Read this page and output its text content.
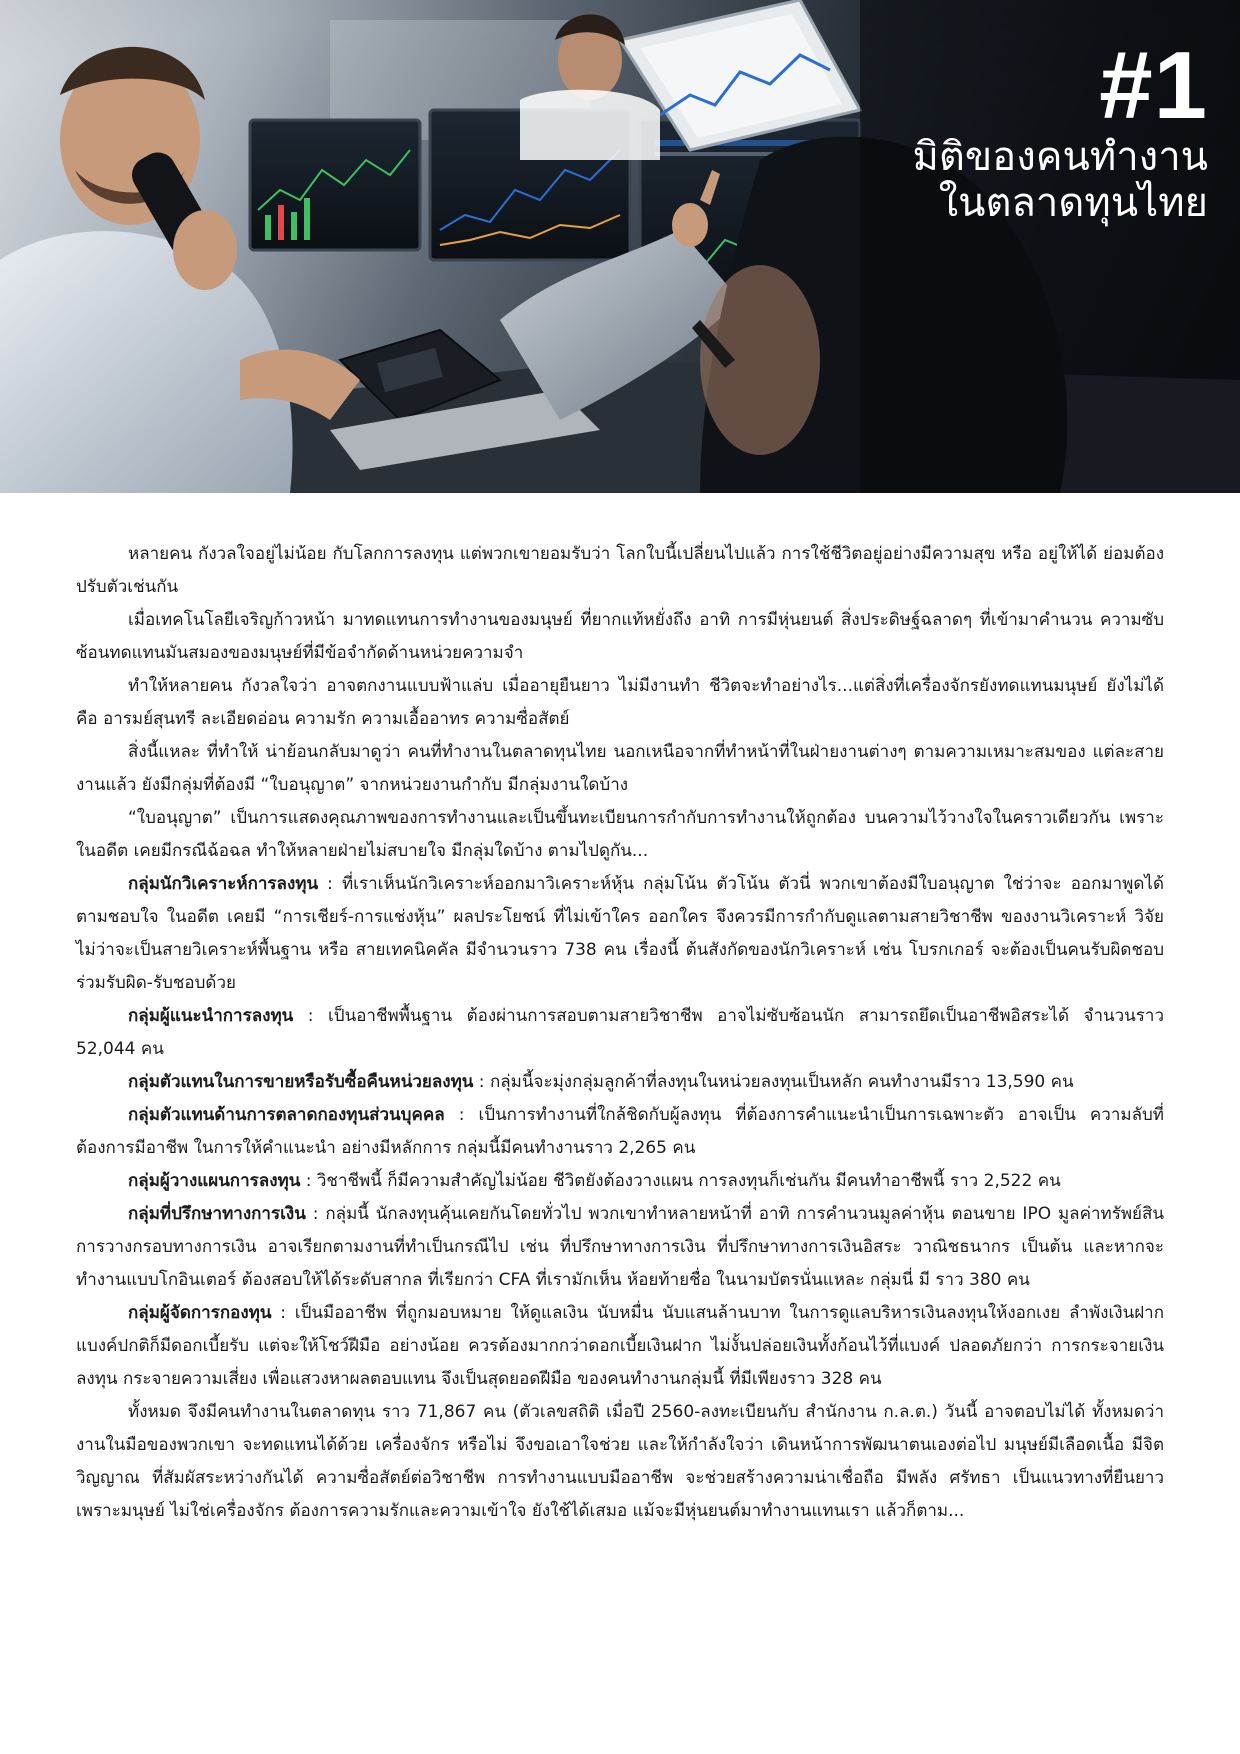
#1
มิติของคนทำงาน
ในตลาดทุนไทย

หลายคน กังวลใจอยู่ไม่น้อย กับโลกการลงทุน แต่พวกเขายอมรับว่า โลกใบนี้เปลี่ยนไปแล้ว การใช้ชีวิตอยู่อย่างมีความสุข หรือ อยู่ให้ได้ ย่อมต้องปรับตัวเช่นกัน

เมื่อเทคโนโลยีเจริญก้าวหน้า มาทดแทนการทำงานของมนุษย์ ที่ยากแท้หยั่งถึง อาทิ การมีหุ่นยนต์ สิ่งประดิษฐ์ฉลาดๆ ที่เข้ามาคำนวน ความซับซ้อนทดแทนมันสมองของมนุษย์ที่มีข้อจำกัดด้านหน่วยความจำ

ทำให้หลายคน กังวลใจว่า อาจตกงานแบบฟ้าแล่บ เมื่ออายุยืนยาว ไม่มีงานทำ ชีวิตจะทำอย่างไร...แต่สิ่งที่เครื่องจักรยังทดแทนมนุษย์ ยังไม่ได้ คือ อารมย์สุนทรี ละเอียดอ่อน ความรัก ความเอื้ออาทร ความซื่อสัตย์

สิ่งนี้แหละ ที่ทำให้ น่าย้อนกลับมาดูว่า คนที่ทำงานในตลาดทุนไทย นอกเหนือจากที่ทำหน้าที่ในฝ่ายงานต่างๆ ตามความเหมาะสมของ แต่ละสายงานแล้ว ยังมีกลุ่มที่ต้องมี “ใบอนุญาต” จากหน่วยงานกำกับ มีกลุ่มงานใดบ้าง

“ใบอนุญาต” เป็นการแสดงคุณภาพของการทำงานและเป็นขึ้นทะเบียนการกำกับการทำงานให้ถูกต้อง บนความไว้วางใจในคราวเดียวกัน เพราะในอดีต เคยมีกรณีฉ้อฉล ทำให้หลายฝ่ายไม่สบายใจ มีกลุ่มใดบ้าง ตามไปดูกัน...

กลุ่มนักวิเคราะห์การลงทุน : ที่เราเห็นนักวิเคราะห์ออกมาวิเคราะห์หุ้น กลุ่มโน้น ตัวโน้น ตัวนี่ พวกเขาต้องมีใบอนุญาต ใช่ว่าจะ ออกมาพูดได้ตามชอบใจ ในอดีต เคยมี “การเชียร์-การแช่งหุ้น” ผลประโยชน์ ที่ไม่เข้าใคร ออกใคร จึงควรมีการกำกับดูแลตามสายวิชาชีพ ของงานวิเคราะห์ วิจัย ไม่ว่าจะเป็นสายวิเคราะห์พื้นฐาน หรือ สายเทคนิคคัล มีจำนวนราว 738 คน เรื่องนี้ ต้นสังกัดของนักวิเคราะห์ เช่น โบรกเกอร์ จะต้องเป็นคนรับผิดชอบ ร่วมรับผิด-รับชอบด้วย

กลุ่มผู้แนะนำการลงทุน : เป็นอาชีพพื้นฐาน ต้องผ่านการสอบตามสายวิชาชีพ อาจไม่ซับซ้อนนัก สามารถยึดเป็นอาชีพอิสระได้ จำนวนราว 52,044 คน

กลุ่มตัวแทนในการขายหรือรับซื้อคืนหน่วยลงทุน : กลุ่มนี้จะมุ่งกลุ่มลูกค้าที่ลงทุนในหน่วยลงทุนเป็นหลัก คนทำงานมีราว 13,590 คน

กลุ่มตัวแทนด้านการตลาดกองทุนส่วนบุคคล : เป็นการทำงานที่ใกล้ชิดกับผู้ลงทุน ที่ต้องการคำแนะนำเป็นการเฉพาะตัว อาจเป็น ความลับที่ต้องการมีอาชีพ ในการให้คำแนะนำ อย่างมีหลักการ กลุ่มนี้มีคนทำงานราว 2,265 คน

กลุ่มผู้วางแผนการลงทุน : วิชาชีพนี้ ก็มีความสำคัญไม่น้อย ชีวิตยังต้องวางแผน การลงทุนก็เช่นกัน มีคนทำอาชีพนี้ ราว 2,522 คน

กลุ่มที่ปรึกษาทางการเงิน : กลุ่มนี้ นักลงทุนคุ้นเคยกันโดยทั่วไป พวกเขาทำหลายหน้าที่ อาทิ การคำนวนมูลค่าหุ้น ตอนขาย IPO มูลค่าทรัพย์สิน การวางกรอบทางการเงิน อาจเรียกตามงานที่ทำเป็นกรณีไป เช่น ที่ปรึกษาทางการเงิน ที่ปรึกษาทางการเงินอิสระ วาณิชธนากร เป็นต้น และหากจะทำงานแบบโกอินเตอร์ ต้องสอบให้ได้ระดับสากล ที่เรียกว่า CFA ที่เรามักเห็น ห้อยท้ายชื่อ ในนามบัตรนั่นแหละ กลุ่มนี่ มี ราว 380 คน

กลุ่มผู้จัดการกองทุน : เป็นมืออาชีพ ที่ถูกมอบหมาย ให้ดูแลเงิน นับหมื่น นับแสนล้านบาท ในการดูแลบริหารเงินลงทุนให้งอกเงย ลำพังเงินฝากแบงค์ปกติก็มีดอกเบี้ยรับ แต่จะให้โชว์ฝีมือ อย่างน้อย ควรต้องมากกว่าดอกเบี้ยเงินฝาก ไม่งั้นปล่อยเงินทั้งก้อนไว้ที่แบงค์ ปลอดภัยกว่า การกระจายเงินลงทุน กระจายความเสี่ยง เพื่อแสวงหาผลตอบแทน จึงเป็นสุดยอดฝีมือ ของคนทำงานกลุ่มนี้ ที่มีเพียงราว 328 คน

ทั้งหมด จึงมีคนทำงานในตลาดทุน ราว 71,867 คน (ตัวเลขสถิติ เมื่อปี 2560-ลงทะเบียนกับ สำนักงาน ก.ล.ต.) วันนี้ อาจตอบไม่ได้ ทั้งหมดว่า งานในมือของพวกเขา จะทดแทนได้ด้วย เครื่องจักร หรือไม่ จึงขอเอาใจช่วย และให้กำลังใจว่า เดินหน้าการพัฒนาตนเองต่อไป มนุษย์มีเลือดเนื้อ มีจิตวิญญาณ ที่สัมผัสระหว่างกันได้ ความซื่อสัตย์ต่อวิชาชีพ การทำงานแบบมืออาชีพ จะช่วยสร้างความน่าเชื่อถือ มีพลัง ศรัทธา เป็นแนวทางที่ยืนยาว เพราะมนุษย์ ไม่ใช่เครื่องจักร ต้องการความรักและความเข้าใจ ยังใช้ได้เสมอ แม้จะมีหุ่นยนต์มาทำงานแทนเรา แล้วก็ตาม...
